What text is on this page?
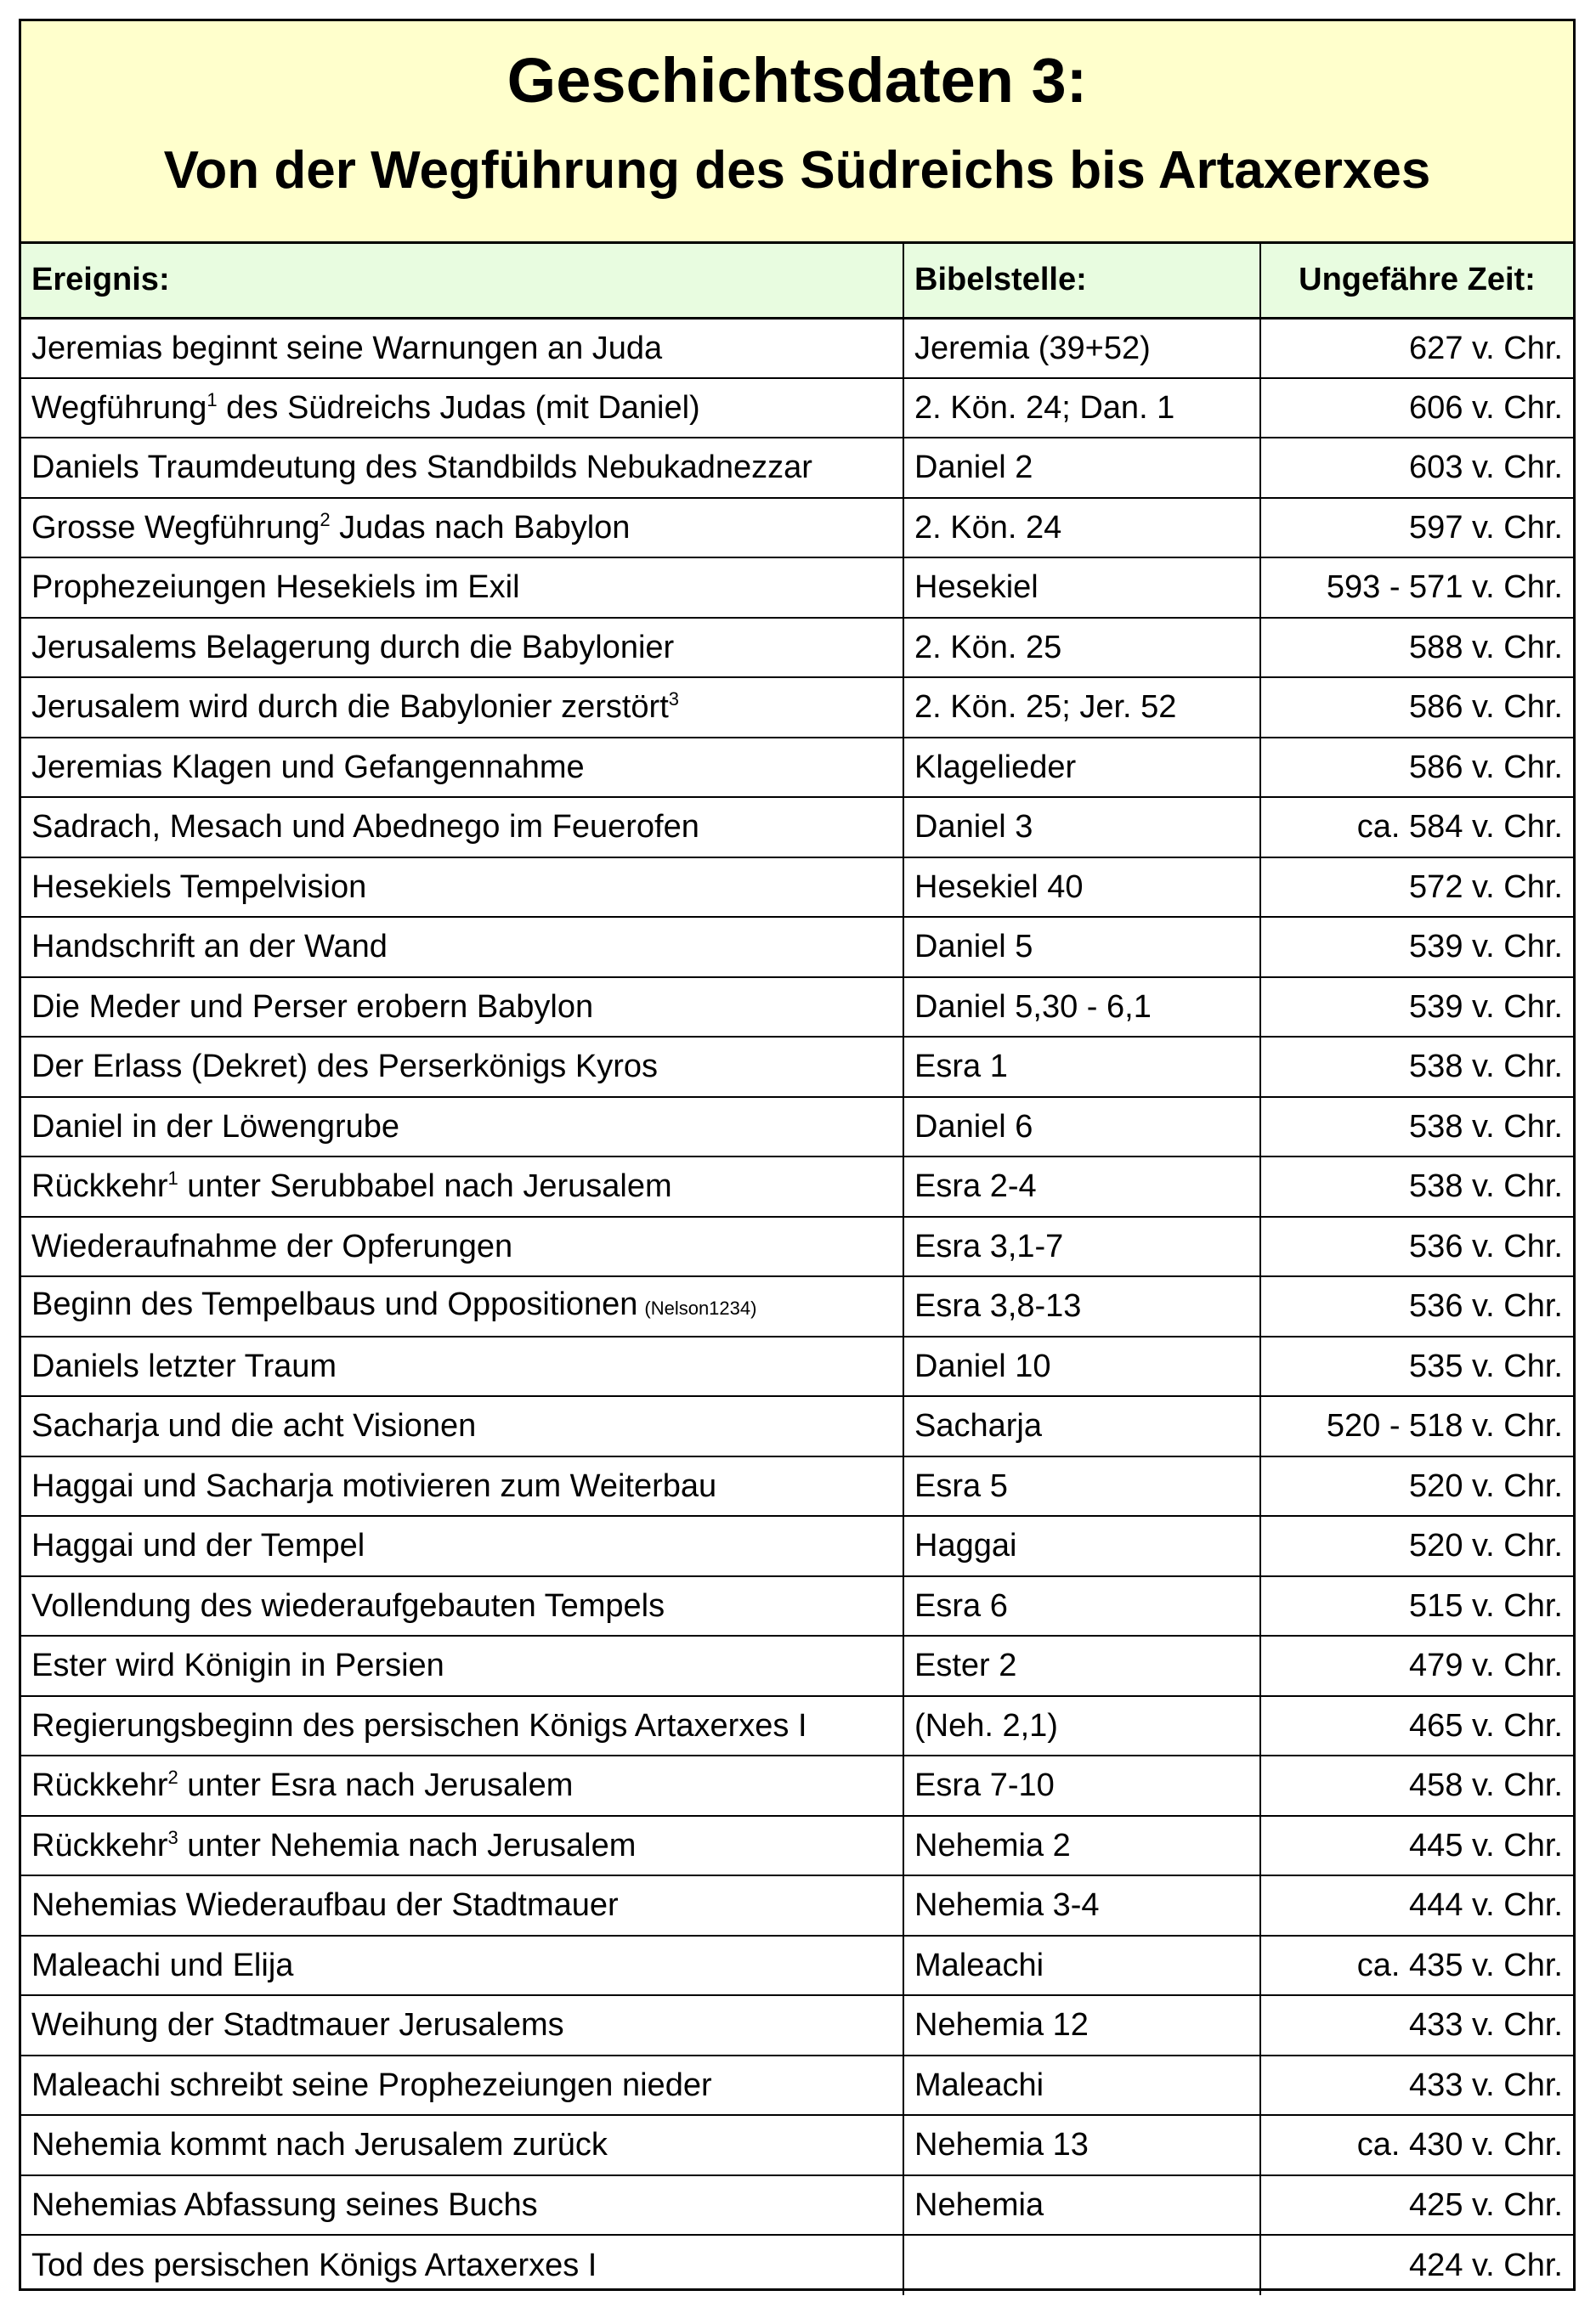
Geschichtsdaten 3:
Von der Wegführung des Südreichs bis Artaxerxes
Ereignis:	Bibelstelle:	Ungefähre Zeit:
Jeremias beginnt seine Warnungen an Juda	Jeremia (39+52)	627 v. Chr.
Wegführung$^1$ des Südreichs Judas (mit Daniel)	2. Kön. 24; Dan. 1	606 v. Chr.
Daniels Traumdeutung des Standbilds Nebukadnezzar	Daniel 2	603 v. Chr.
Grosse Wegführung$^2$ Judas nach Babylon	2. Kön. 24	597 v. Chr.
Prophezeiungen Hesekiels im Exil	Hesekiel	593 - 571 v. Chr.
Jerusalems Belagerung durch die Babylonier	2. Kön. 25	588 v. Chr.
Jerusalem wird durch die Babylonier zerstört$^3$	2. Kön. 25; Jer. 52	586 v. Chr.
Jeremias Klagen und Gefangennahme	Klagelieder	586 v. Chr.
Sadrach, Mesach und Abednego im Feuerofen	Daniel 3	ca. 584 v. Chr.
Hesekiels Tempelvision	Hesekiel 40	572 v. Chr.
Handschrift an der Wand	Daniel 5	539 v. Chr.
Die Meder und Perser erobern Babylon	Daniel 5,30 - 6,1	539 v. Chr.
Der Erlass (Dekret) des Perserkönigs Kyros	Esra 1	538 v. Chr.
Daniel in der Löwengrube	Daniel 6	538 v. Chr.
Rückkehr$^1$ unter Serubbabel nach Jerusalem	Esra 2-4	538 v. Chr.
Wiederaufnahme der Opferungen	Esra 3,1-7	536 v. Chr.
Beginn des Tempelbaus und Oppositionen (Nelson1234)	Esra 3,8-13	536 v. Chr.
Daniels letzter Traum	Daniel 10	535 v. Chr.
Sacharja und die acht Visionen	Sacharja	520 - 518 v. Chr.
Haggai und Sacharja motivieren zum Weiterbau	Esra 5	520 v. Chr.
Haggai und der Tempel	Haggai	520 v. Chr.
Vollendung des wiederaufgebauten Tempels	Esra 6	515 v. Chr.
Ester wird Königin in Persien	Ester 2	479 v. Chr.
Regierungsbeginn des persischen Königs Artaxerxes I	(Neh. 2,1)	465 v. Chr.
Rückkehr$^2$ unter Esra nach Jerusalem	Esra 7-10	458 v. Chr.
Rückkehr$^3$ unter Nehemia nach Jerusalem	Nehemia 2	445 v. Chr.
Nehemias Wiederaufbau der Stadtmauer	Nehemia 3-4	444 v. Chr.
Maleachi und Elija	Maleachi	ca. 435 v. Chr.
Weihung der Stadtmauer Jerusalems	Nehemia 12	433 v. Chr.
Maleachi schreibt seine Prophezeiungen nieder	Maleachi	433 v. Chr.
Nehemia kommt nach Jerusalem zurück	Nehemia 13	ca. 430 v. Chr.
Nehemias Abfassung seines Buchs	Nehemia	425 v. Chr.
Tod des persischen Königs Artaxerxes I		424 v. Chr.
